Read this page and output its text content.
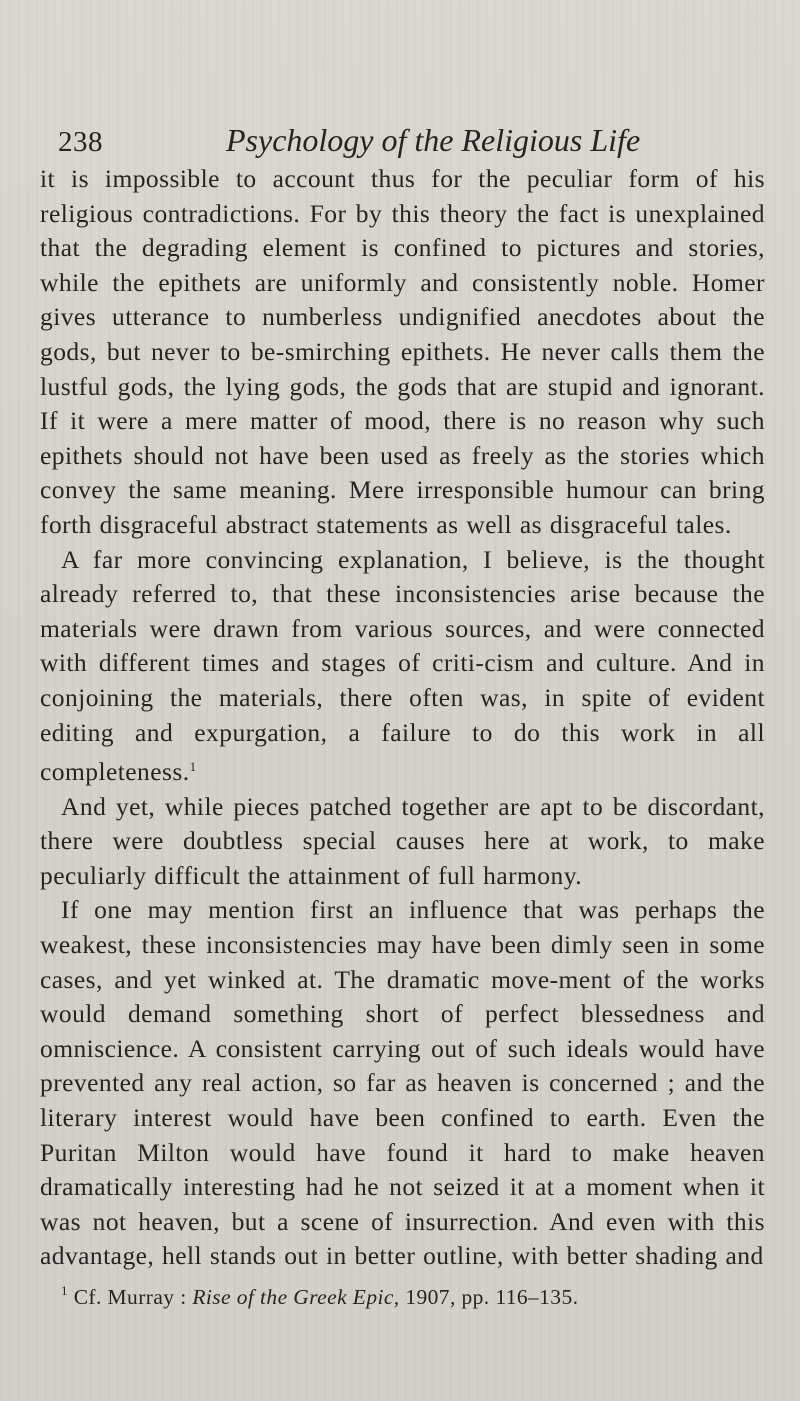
238	Psychology of the Religious Life

it is impossible to account thus for the peculiar form of his religious contradictions. For by this theory the fact is unexplained that the degrading element is confined to pictures and stories, while the epithets are uniformly and consistently noble. Homer gives utterance to numberless undignified anecdotes about the gods, but never to be-smirching epithets. He never calls them the lustful gods, the lying gods, the gods that are stupid and ignorant. If it were a mere matter of mood, there is no reason why such epithets should not have been used as freely as the stories which convey the same meaning. Mere irresponsible humour can bring forth disgraceful abstract statements as well as disgraceful tales.

A far more convincing explanation, I believe, is the thought already referred to, that these inconsistencies arise because the materials were drawn from various sources, and were connected with different times and stages of criti-cism and culture. And in conjoining the materials, there often was, in spite of evident editing and expurgation, a failure to do this work in all completeness.$^1$

And yet, while pieces patched together are apt to be discordant, there were doubtless special causes here at work, to make peculiarly difficult the attainment of full harmony.

If one may mention first an influence that was perhaps the weakest, these inconsistencies may have been dimly seen in some cases, and yet winked at. The dramatic move-ment of the works would demand something short of perfect blessedness and omniscience. A consistent carrying out of such ideals would have prevented any real action, so far as heaven is concerned ; and the literary interest would have been confined to earth. Even the Puritan Milton would have found it hard to make heaven dramatically interesting had he not seized it at a moment when it was not heaven, but a scene of insurrection. And even with this advantage, hell stands out in better outline, with better shading and

$^1$ Cf. Murray : Rise of the Greek Epic, 1907, pp. 116–135.
